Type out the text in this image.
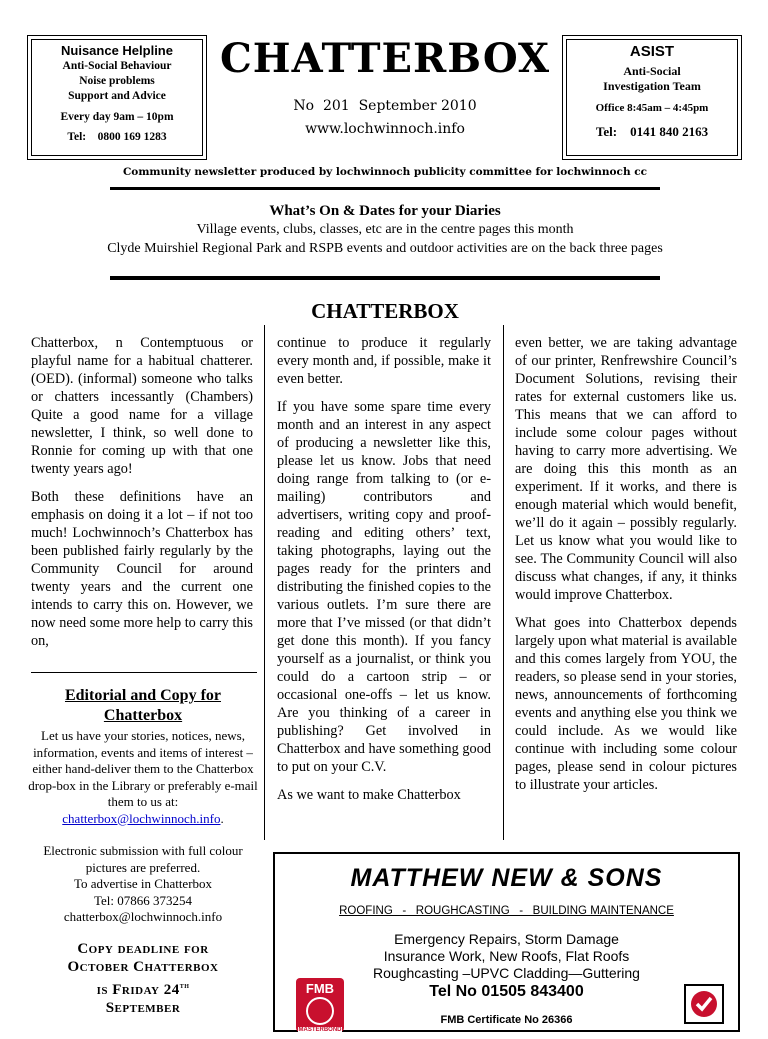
Nuisance Helpline
Anti-Social Behaviour
Noise problems
Support and Advice
Every day 9am – 10pm
Tel:    0800 169 1283
CHATTERBOX
No  201  September 2010
www.lochwinnoch.info
ASIST
Anti-Social
Investigation Team
Office 8:45am – 4:45pm
Tel:    0141 840 2163
Community newsletter produced by lochwinnoch publicity committee for lochwinnoch cc
What’s On & Dates for your Diaries
Village events, clubs, classes, etc are in the centre pages this month
Clyde Muirshiel Regional Park and RSPB events and outdoor activities are on the back three pages
CHATTERBOX

Chatterbox, n Contemptuous or playful name for a habitual chatterer. (OED). (informal) someone who talks or chatters incessantly (Chambers) Quite a good name for a village newsletter, I think, so well done to Ronnie for coming up with that one twenty years ago!

Both these definitions have an emphasis on doing it a lot – if not too much! Lochwinnoch’s Chatterbox has been published fairly regularly by the Community Council for around twenty years and the current one intends to carry this on. However, we now need some more help to carry this on,

Editorial and Copy for
Chatterbox
Let us have your stories, notices, news, information, events and items of interest – either hand-deliver them to the Chatterbox drop-box in the Library or preferably e-mail them to us at: chatterbox@lochwinnoch.info.
Electronic submission with full colour
pictures are preferred.
To advertise in Chatterbox
Tel: 07866 373254
chatterbox@lochwinnoch.info
Copy deadline for
October Chatterbox
is Friday 24th
September

continue to produce it regularly every month and, if possible, make it even better.

If you have some spare time every month and an interest in any aspect of producing a newsletter like this, please let us know. Jobs that need doing range from talking to (or e-mailing) contributors and advertisers, writing copy and proof-reading and editing others’ text, taking photographs, laying out the pages ready for the printers and distributing the finished copies to the various outlets. I’m sure there are more that I’ve missed (or that didn’t get done this month). If you fancy yourself as a journalist, or think you could do a cartoon strip – or occasional one-offs – let us know. Are you thinking of a career in publishing? Get involved in Chatterbox and have something good to put on your C.V.

As we want to make Chatterbox

even better, we are taking advantage of our printer, Renfrewshire Council’s Document Solutions, revising their rates for external customers like us. This means that we can afford to include some colour pages without having to carry more advertising. We are doing this this month as an experiment. If it works, and there is enough material which would benefit, we’ll do it again – possibly regularly. Let us know what you would like to see. The Community Council will also discuss what changes, if any, it thinks would improve Chatterbox.

What goes into Chatterbox depends largely upon what material is available and this comes largely from YOU, the readers, so please send in your stories, news, announcements of forthcoming events and anything else you think we could include. As we would like continue with including some colour pages, please send in colour pictures to illustrate your articles.

MATTHEW NEW & SONS
ROOFING   -   ROUGHCASTING   -   BUILDING MAINTENANCE
Emergency Repairs, Storm Damage
Insurance Work, New Roofs, Flat Roofs
Roughcasting –UPVC Cladding—Guttering
Tel No 01505 843400
FMB Certificate No 26366
FMB
MASTERBOND
Member
